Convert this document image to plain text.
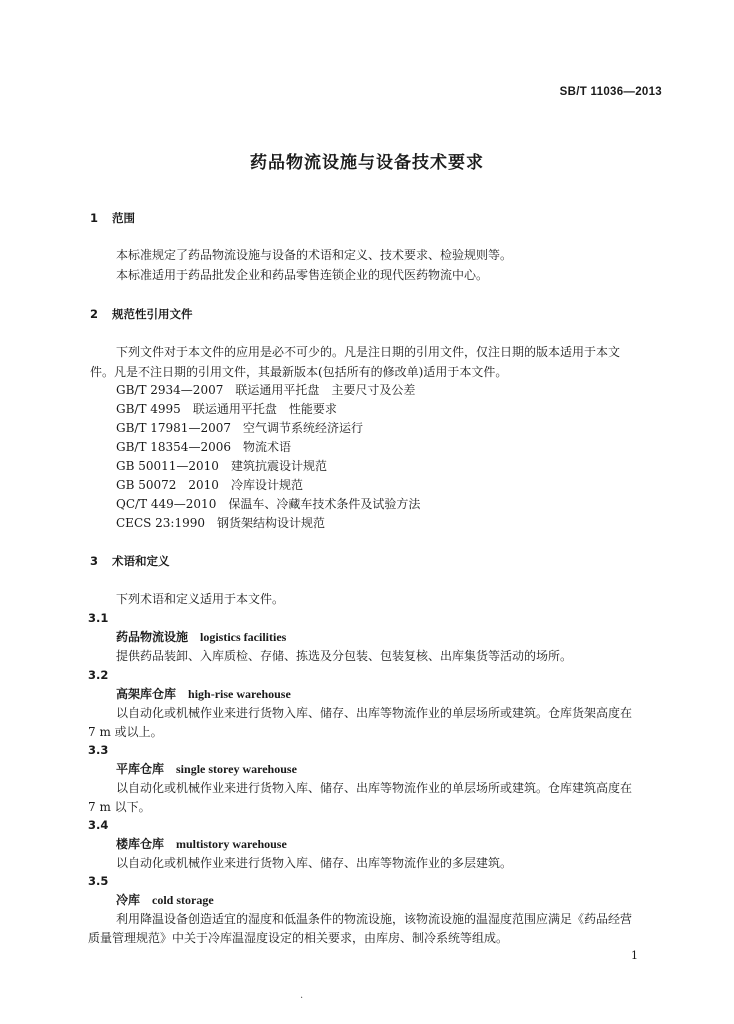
SB/T 11036—2013
药品物流设施与设备技术要求
1 范围
本标准规定了药品物流设施与设备的术语和定义、技术要求、检验规则等。
本标准适用于药品批发企业和药品零售连锁企业的现代医药物流中心。
2 规范性引用文件
下列文件对于本文件的应用是必不可少的。凡是注日期的引用文件，仅注日期的版本适用于本文
件。凡是不注日期的引用文件，其最新版本(包括所有的修改单)适用于本文件。
GB/T 2934—2007 联运通用平托盘　主要尺寸及公差
GB/T 4995 联运通用平托盘　性能要求
GB/T 17981—2007 空气调节系统经济运行
GB/T 18354—2006 物流术语
GB 50011—2010 建筑抗震设计规范
GB 50072　2010 冷库设计规范
QC/T 449—2010 保温车、冷藏车技术条件及试验方法
CECS 23:1990 钢货架结构设计规范
3 术语和定义
下列术语和定义适用于本文件。
3.1
药品物流设施 logistics facilities
提供药品装卸、入库质检、存储、拣选及分包装、包装复核、出库集货等活动的场所。
3.2
高架库仓库 high-rise warehouse
以自动化或机械作业来进行货物入库、储存、出库等物流作业的单层场所或建筑。仓库货架高度在
7 m 或以上。
3.3
平库仓库 single storey warehouse
以自动化或机械作业来进行货物入库、储存、出库等物流作业的单层场所或建筑。仓库建筑高度在
7 m 以下。
3.4
楼库仓库 multistory warehouse
以自动化或机械作业来进行货物入库、储存、出库等物流作业的多层建筑。
3.5
冷库 cold storage
利用降温设备创造适宜的湿度和低温条件的物流设施，该物流设施的温湿度范围应满足《药品经营
质量管理规范》中关于冷库温湿度设定的相关要求，由库房、制冷系统等组成。
1
.
